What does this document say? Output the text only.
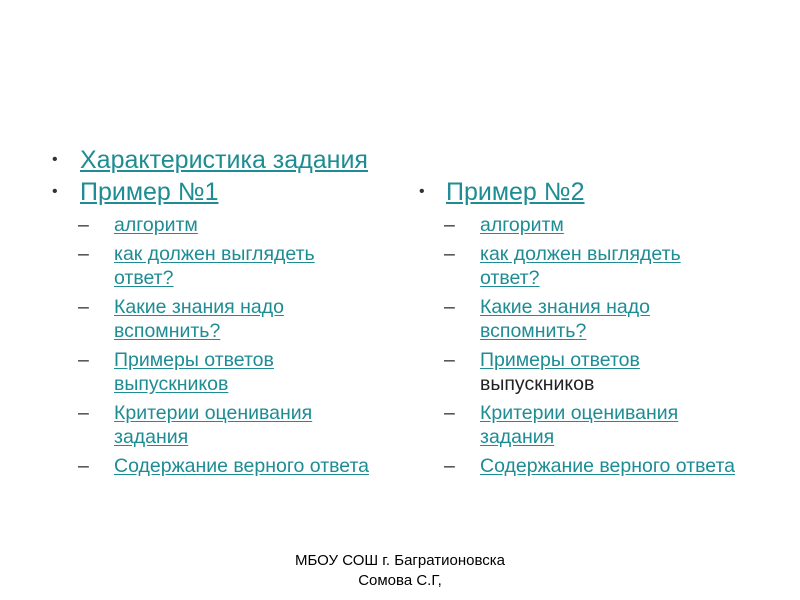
• Характеристика задания
• Пример №1
– алгоритм
– как должен выглядеть ответ?
– Какие знания надо вспомнить?
– Примеры ответов выпускников
– Критерии оценивания задания
– Содержание верного ответа
• Пример №2
– алгоритм
– как должен выглядеть ответ?
– Какие знания надо вспомнить?
– Примеры ответов выпускников
– Критерии оценивания задания
– Содержание верного ответа
МБОУ СОШ г. Багратионовска
Сомова С.Г,
